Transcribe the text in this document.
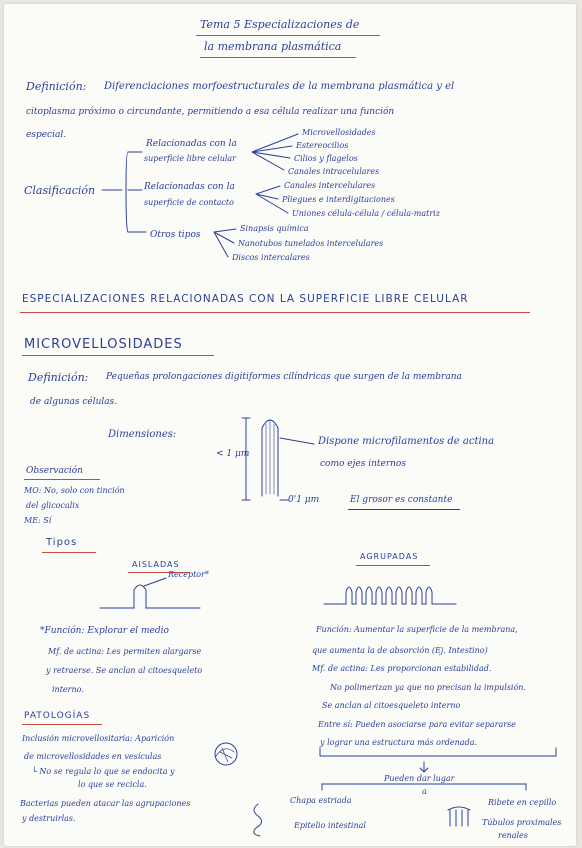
Tema 5 Especializaciones de
la membrana plasmática
Definición: Diferenciaciones morfoestructurales de la membrana plasmática y el
citoplasma próximo o circundante, permitiendo a esa célula realizar una función
especial.
Clasificación
Relacionadas con la
superficie libre celular
Microvellosidades
Estereocilios
Cilios y flagelos
Canales intracelulares
Relacionadas con la
superficie de contacto
Canales intercelulares
Pliegues e interdigitaciones
Uniones célula-célula / célula-matriz
Otros tipos
Sinapsis química
Nanotubos tunelados intercelulares
Discos intercalares
ESPECIALIZACIONES RELACIONADAS CON LA SUPERFICIE LIBRE CELULAR
MICROVELLOSIDADES
Definición: Pequeñas prolongaciones digitiformes cilíndricas que surgen de la membrana
de algunas células.
Dimensiones:
< 1 μm
0'1 μm
Dispone microfilamentos de actina
como ejes internos
El grosor es constante
Observación
MO: No, solo con tinción
del glicocalix
ME: Sí
Tipos
AISLADAS
Receptor*
*Función: Explorar el medio
Mf. de actina: Les permiten alargarse
y retraerse. Se anclan al citoesqueleto
interno.
AGRUPADAS
Función: Aumentar la superficie de la membrana,
que aumenta la de absorción (Ej. Intestino)
Mf. de actina: Les proporcionan estabilidad.
No polimerizan ya que no precisan la impulsión.
Se anclan al citoesqueleto interno
Entre sí: Pueden asociarse para evitar separarse
y lograr una estructura más ordenada.
Pueden dar lugar
a
Chapa estriada
Epitelio intestinal
Ribete en cepillo
Túbulos proximales
renales
PATOLOGÍAS
Inclusión microvellositaria: Aparición
de microvellosidades en vesículas
└ No se regula lo que se endocita y
lo que se recicla.
Bacterias pueden atacar las agrupaciones
y destruirlas.
